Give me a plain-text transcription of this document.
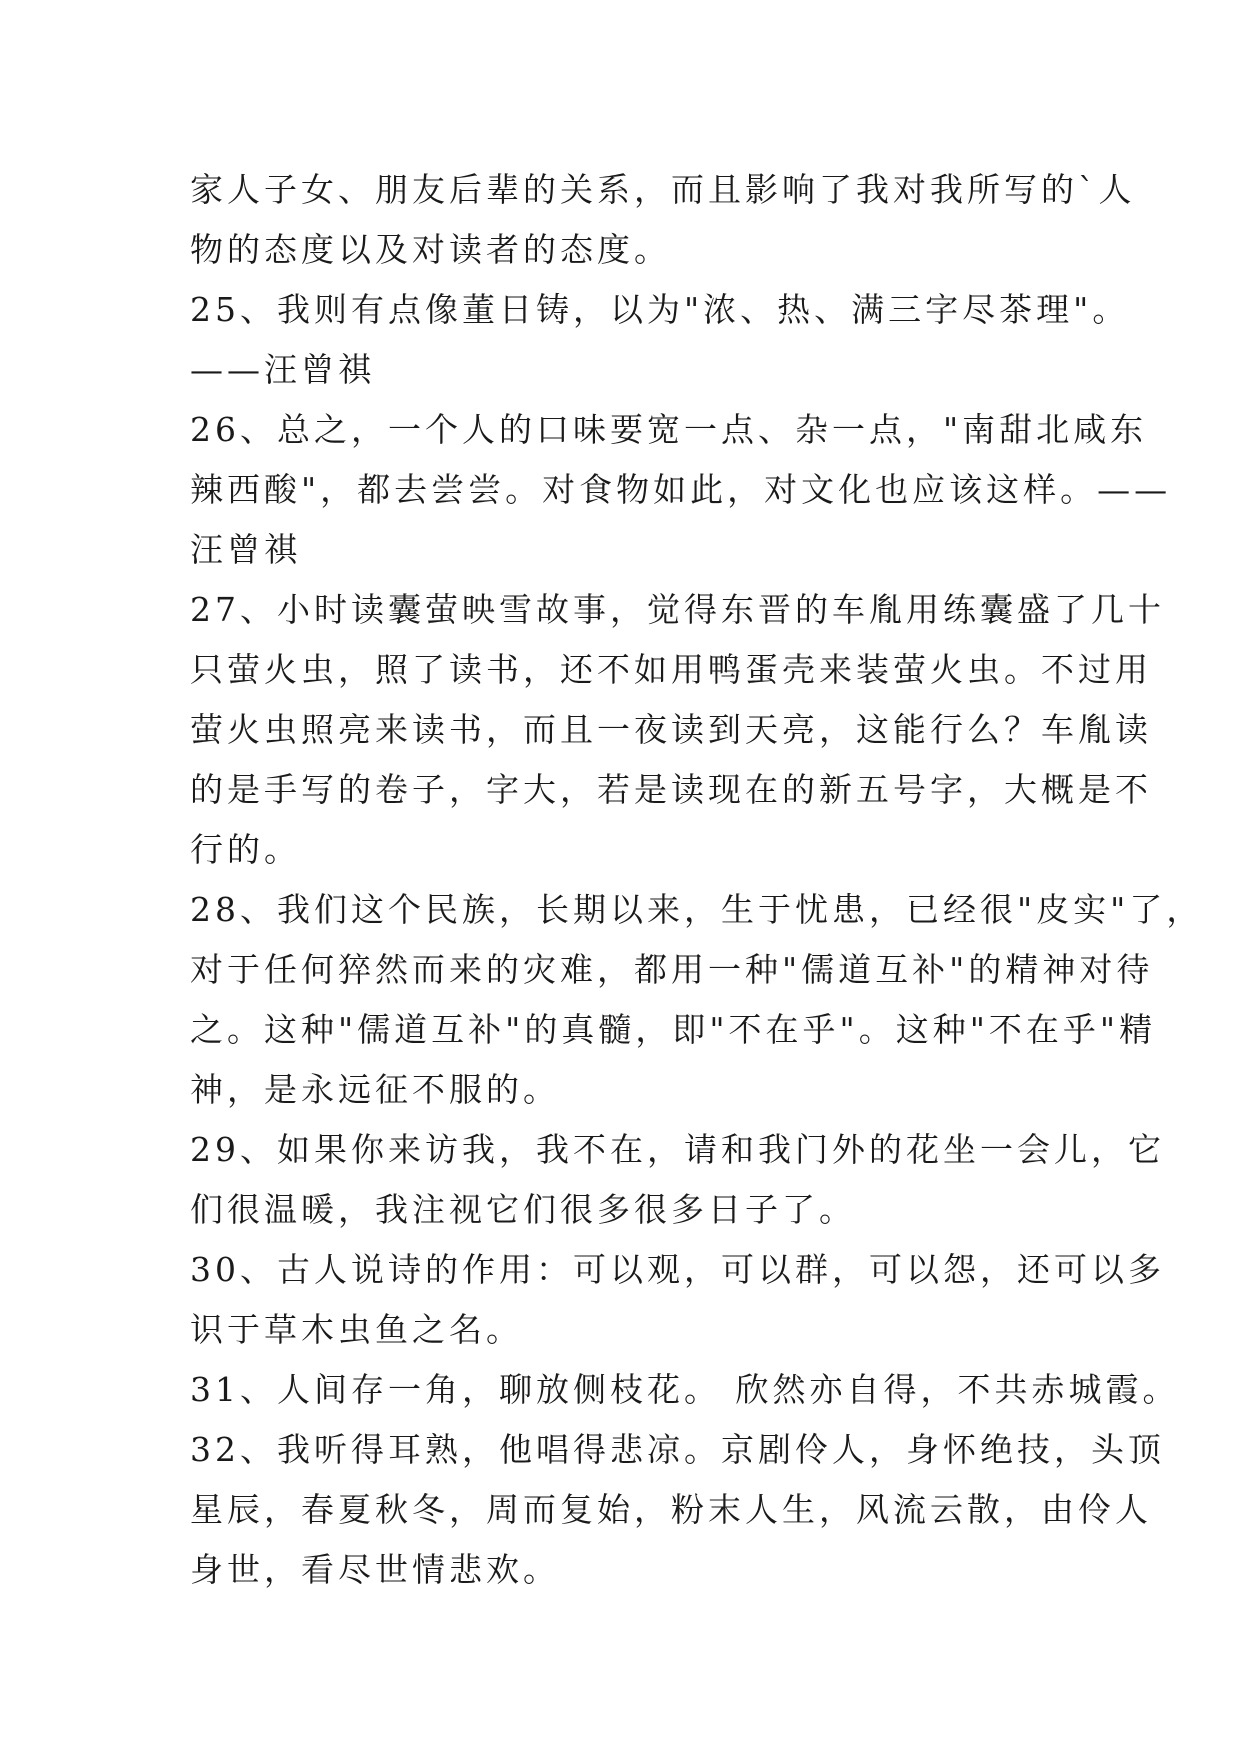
家人子女、朋友后辈的关系，而且影响了我对我所写的`人
物的态度以及对读者的态度。
25、我则有点像董日铸，以为"浓、热、满三字尽茶理"。
——汪曾祺
26、总之，一个人的口味要宽一点、杂一点，"南甜北咸东
辣西酸"，都去尝尝。对食物如此，对文化也应该这样。——
汪曾祺
27、小时读囊萤映雪故事，觉得东晋的车胤用练囊盛了几十
只萤火虫，照了读书，还不如用鸭蛋壳来装萤火虫。不过用
萤火虫照亮来读书，而且一夜读到天亮，这能行么？车胤读
的是手写的卷子，字大，若是读现在的新五号字，大概是不
行的。
28、我们这个民族，长期以来，生于忧患，已经很"皮实"了，
对于任何猝然而来的灾难，都用一种"儒道互补"的精神对待
之。这种"儒道互补"的真髓，即"不在乎"。这种"不在乎"精
神，是永远征不服的。
29、如果你来访我，我不在，请和我门外的花坐一会儿，它
们很温暖，我注视它们很多很多日子了。
30、古人说诗的作用：可以观，可以群，可以怨，还可以多
识于草木虫鱼之名。
31、人间存一角，聊放侧枝花。 欣然亦自得，不共赤城霞。
32、我听得耳熟，他唱得悲凉。京剧伶人，身怀绝技，头顶
星辰，春夏秋冬，周而复始，粉末人生，风流云散，由伶人
身世，看尽世情悲欢。
